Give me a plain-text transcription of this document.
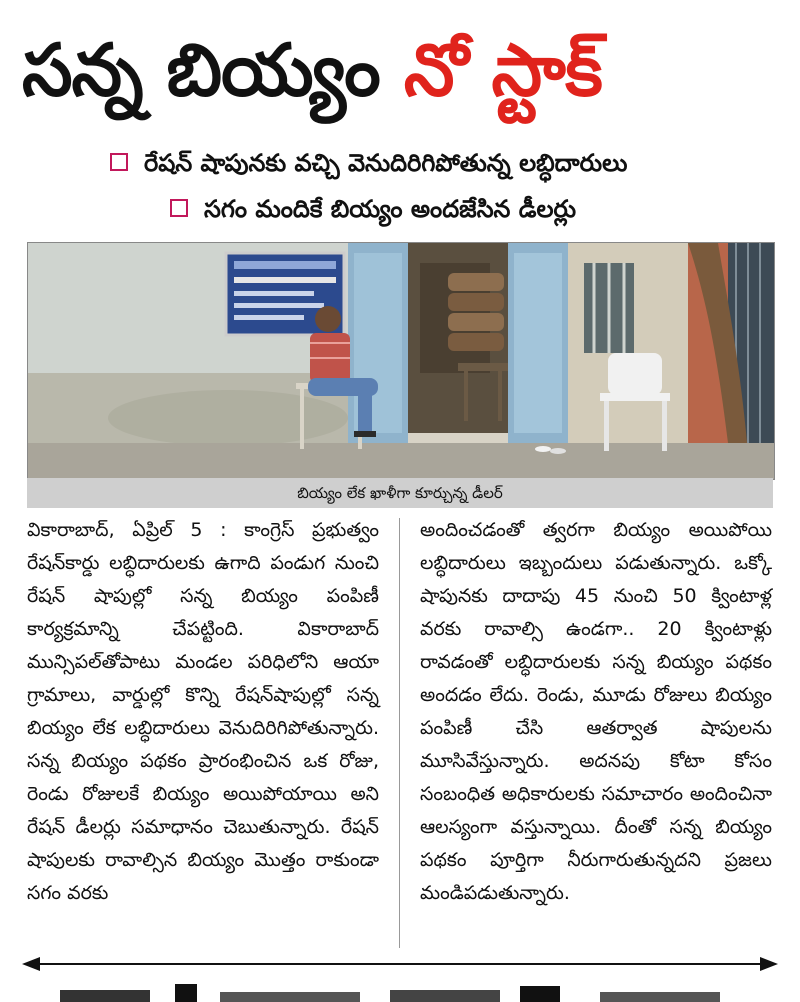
సన్న బియ్యం నో స్టాక్
రేషన్ షాపునకు వచ్చి వెనుదిరిగిపోతున్న లబ్ధిదారులు
సగం మందికే బియ్యం అందజేసిన డీలర్లు
బియ్యం లేక ఖాళీగా కూర్చున్న డీలర్

వికారాబాద్, ఏప్రిల్ 5 : కాంగ్రెస్ ప్రభుత్వం రేషన్‌కార్డు లబ్ధిదారులకు ఉగాది పండుగ నుంచి రేషన్ షాపుల్లో సన్న బియ్యం పంపిణీ కార్యక్రమాన్ని చేపట్టింది. వికారాబాద్ మున్సిపల్‌తోపాటు మండల పరిధిలోని ఆయా గ్రామాలు, వార్డుల్లో కొన్ని రేషన్‌షాపుల్లో సన్న బియ్యం లేక లబ్ధిదారులు వెనుదిరిగిపోతున్నారు. సన్న బియ్యం పథకం ప్రారంభించిన ఒక రోజు, రెండు రోజులకే బియ్యం అయిపోయాయి అని రేషన్ డీలర్లు సమాధానం చెబుతున్నారు. రేషన్ షాపులకు రావాల్సిన బియ్యం మొత్తం రాకుండా సగం వరకు

అందించడంతో త్వరగా బియ్యం అయిపోయి లబ్ధిదారులు ఇబ్బందులు పడుతున్నారు. ఒక్కో షాపునకు దాదాపు 45 నుంచి 50 క్వింటాళ్ల వరకు రావాల్సి ఉండగా.. 20 క్వింటాళ్లు రావడంతో లబ్ధిదారులకు సన్న బియ్యం పథకం అందడం లేదు. రెండు, మూడు రోజులు బియ్యం పంపిణీ చేసి ఆతర్వాత షాపులను మూసివేస్తున్నారు. అదనపు కోటా కోసం సంబంధిత అధికారులకు సమాచారం అందించినా ఆలస్యంగా వస్తున్నాయి. దీంతో సన్న బియ్యం పథకం పూర్తిగా నీరుగారుతున్నదని ప్రజలు మండిపడుతున్నారు.
